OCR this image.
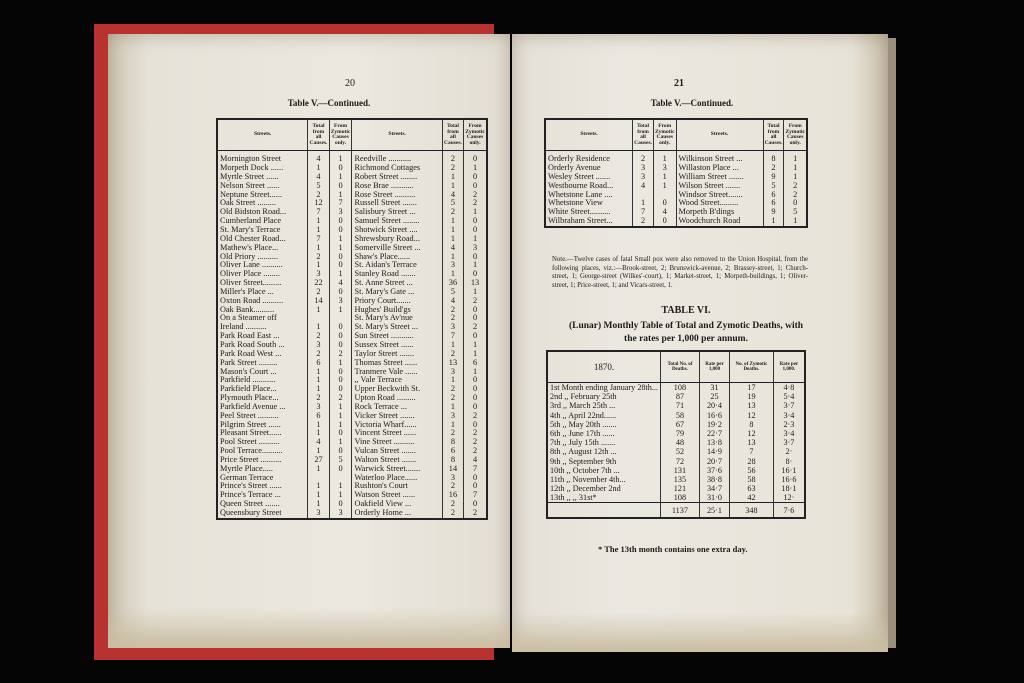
20
Table V.—Continued.
Streets.	Total from all Causes.	From Zymotic Causes only.	Streets.	Total from all Causes.	From Zymotic Causes only.
Mornington Street	4	1	Reedville ...........	2	0
Morpeth Dock ......	1	0	Richmond Cottages	2	1
Myrtle Street ......	4	1	Robert Street ........	1	0
Nelson Street ......	5	0	Rose Brae ...........	1	0
Neptune Street......	2	1	Rose Street ..........	4	2
Oak Street .........	12	7	Russell Street .......	5	2
Old Bidston Road...	7	3	Salisbury Street ...	2	1
Cumberland Place	1	0	Samuel Street ........	1	0
St. Mary's Terrace	1	0	Shotwick Street ....	1	0
Old Chester Road...	7	1	Shrewsbury Road...	1	1
Mathew's Place...	1	1	Somerville Street ...	4	3
Old Priory ..........	2	0	Shaw's Place......	1	0
Oliver Lane ..........	1	0	St. Aidan's Terrace	3	1
Oliver Place ........	3	1	Stanley Road .......	1	0
Oliver Street.........	22	4	St. Anne Street ...	36	13
Miller's Place ...	2	0	St. Mary's Gate ...	5	1
Oxton Road ..........	14	3	Priory Court.......	4	2
Oak Bank..........	1	1	Hughes' Build'gs	2	0
On a Steamer off			St. Mary's Av'nue	2	0
Ireland ..........	1	0	St. Mary's Street ...	3	2
Park Road East ...	2	0	Sun Street ...........	7	0
Park Road South ...	3	0	Sussex Street ......	1	1
Park Road West ...	2	2	Taylor Street .......	2	1
Park Street .........	6	1	Thomas Street ......	13	6
Mason's Court ...	1	0	Tranmere Vale ......	3	1
Parkfield ...........	1	0	,, Vale Terrace	1	0
Parkfield Place...	1	0	Upper Beckwith St.	2	0
Plymouth Place...	2	2	Upton Road .........	2	0
Parkfield Avenue ...	3	1	Rock Terrace ...	1	0
Peel Street ..........	6	1	Vicker Street .......	3	2
Pilgrim Street ......	1	1	Victoria Wharf......	1	0
Pleasant Street......	1	0	Vincent Street ......	2	2
Pool Street ..........	4	1	Vine Street ..........	8	2
Pool Terrace..........	1	0	Vulcan Street .......	6	2
Price Street ..........	27	5	Walton Street .......	8	4
Myrtle Place.....	1	0	Warwick Street.......	14	7
German Terrace			Waterloo Place......	3	0
Prince's Street ......	1	1	Rushton's Court	2	0
Prince's Terrace ...	1	1	Watson Street ......	16	7
Queen Street .......	1	0	Oakfield View ...	2	0
Queensbury Street	3	3	Orderly Home ...	2	2
21
Table V.—Continued.
Streets.	Total from all Causes.	From Zymotic Causes only.	Streets.	Total from all Causes.	From Zymotic Causes only.
Orderly Residence	2	1	Wilkinson Street ...	8	1
Orderly Avenue	3	3	Willaston Place ...	2	1
Wesley Street .......	3	1	William Street .......	9	1
Westbourne Road...	4	1	Wilson Street .......	5	2
Whetstone Lane ....			Windsor Street.......	6	2
Whetstone View	1	0	Wood Street.........	6	0
White Street..........	7	4	Morpeth B'dings	9	5
Wilbraham Street...	2	0	Woodchurch Road	1	1
Note.—Twelve cases of fatal Small pox were also removed to the Union Hospital, from the following places, viz.:—Brook-street, 2; Brunswick-avenue, 2; Brassey-street, 1; Church-street, 1; George-street (Wilkes'-court), 1; Market-street, 1; Morpeth-buildings, 1; Oliver-street, 1; Price-street, 1; and Vicars-street, 1.
TABLE VI.
(Lunar) Monthly Table of Total and Zymotic Deaths, with
the rates per 1,000 per annum.
1870.	Total No. of Deaths.	Rate per 1,000	No. of Zymotic Deaths.	Rate per 1,000.
1st Month ending January 28th...	108	31	17	4·8
2nd ,, February 25th	87	25	19	5·4
3rd ,, March 25th ...	71	20·4	13	3·7
4th ,, April 22nd......	58	16·6	12	3·4
5th ,, May 20th .......	67	19·2	8	2·3
6th ,, June 17th ......	79	22·7	12	3·4
7th ,, July 15th .......	48	13·8	13	3·7
8th ,, August 12th ...	52	14·9	7	2·
9th ,, September 9th	72	20·7	28	8·
10th ,, October 7th ...	131	37·6	56	16·1
11th ,, November 4th...	135	38·8	58	16·6
12th ,, December 2nd	121	34·7	63	18·1
13th ,, ,, 31st*	108	31·0	42	12·
	1137	25·1	348	7·6
* The 13th month contains one extra day.
